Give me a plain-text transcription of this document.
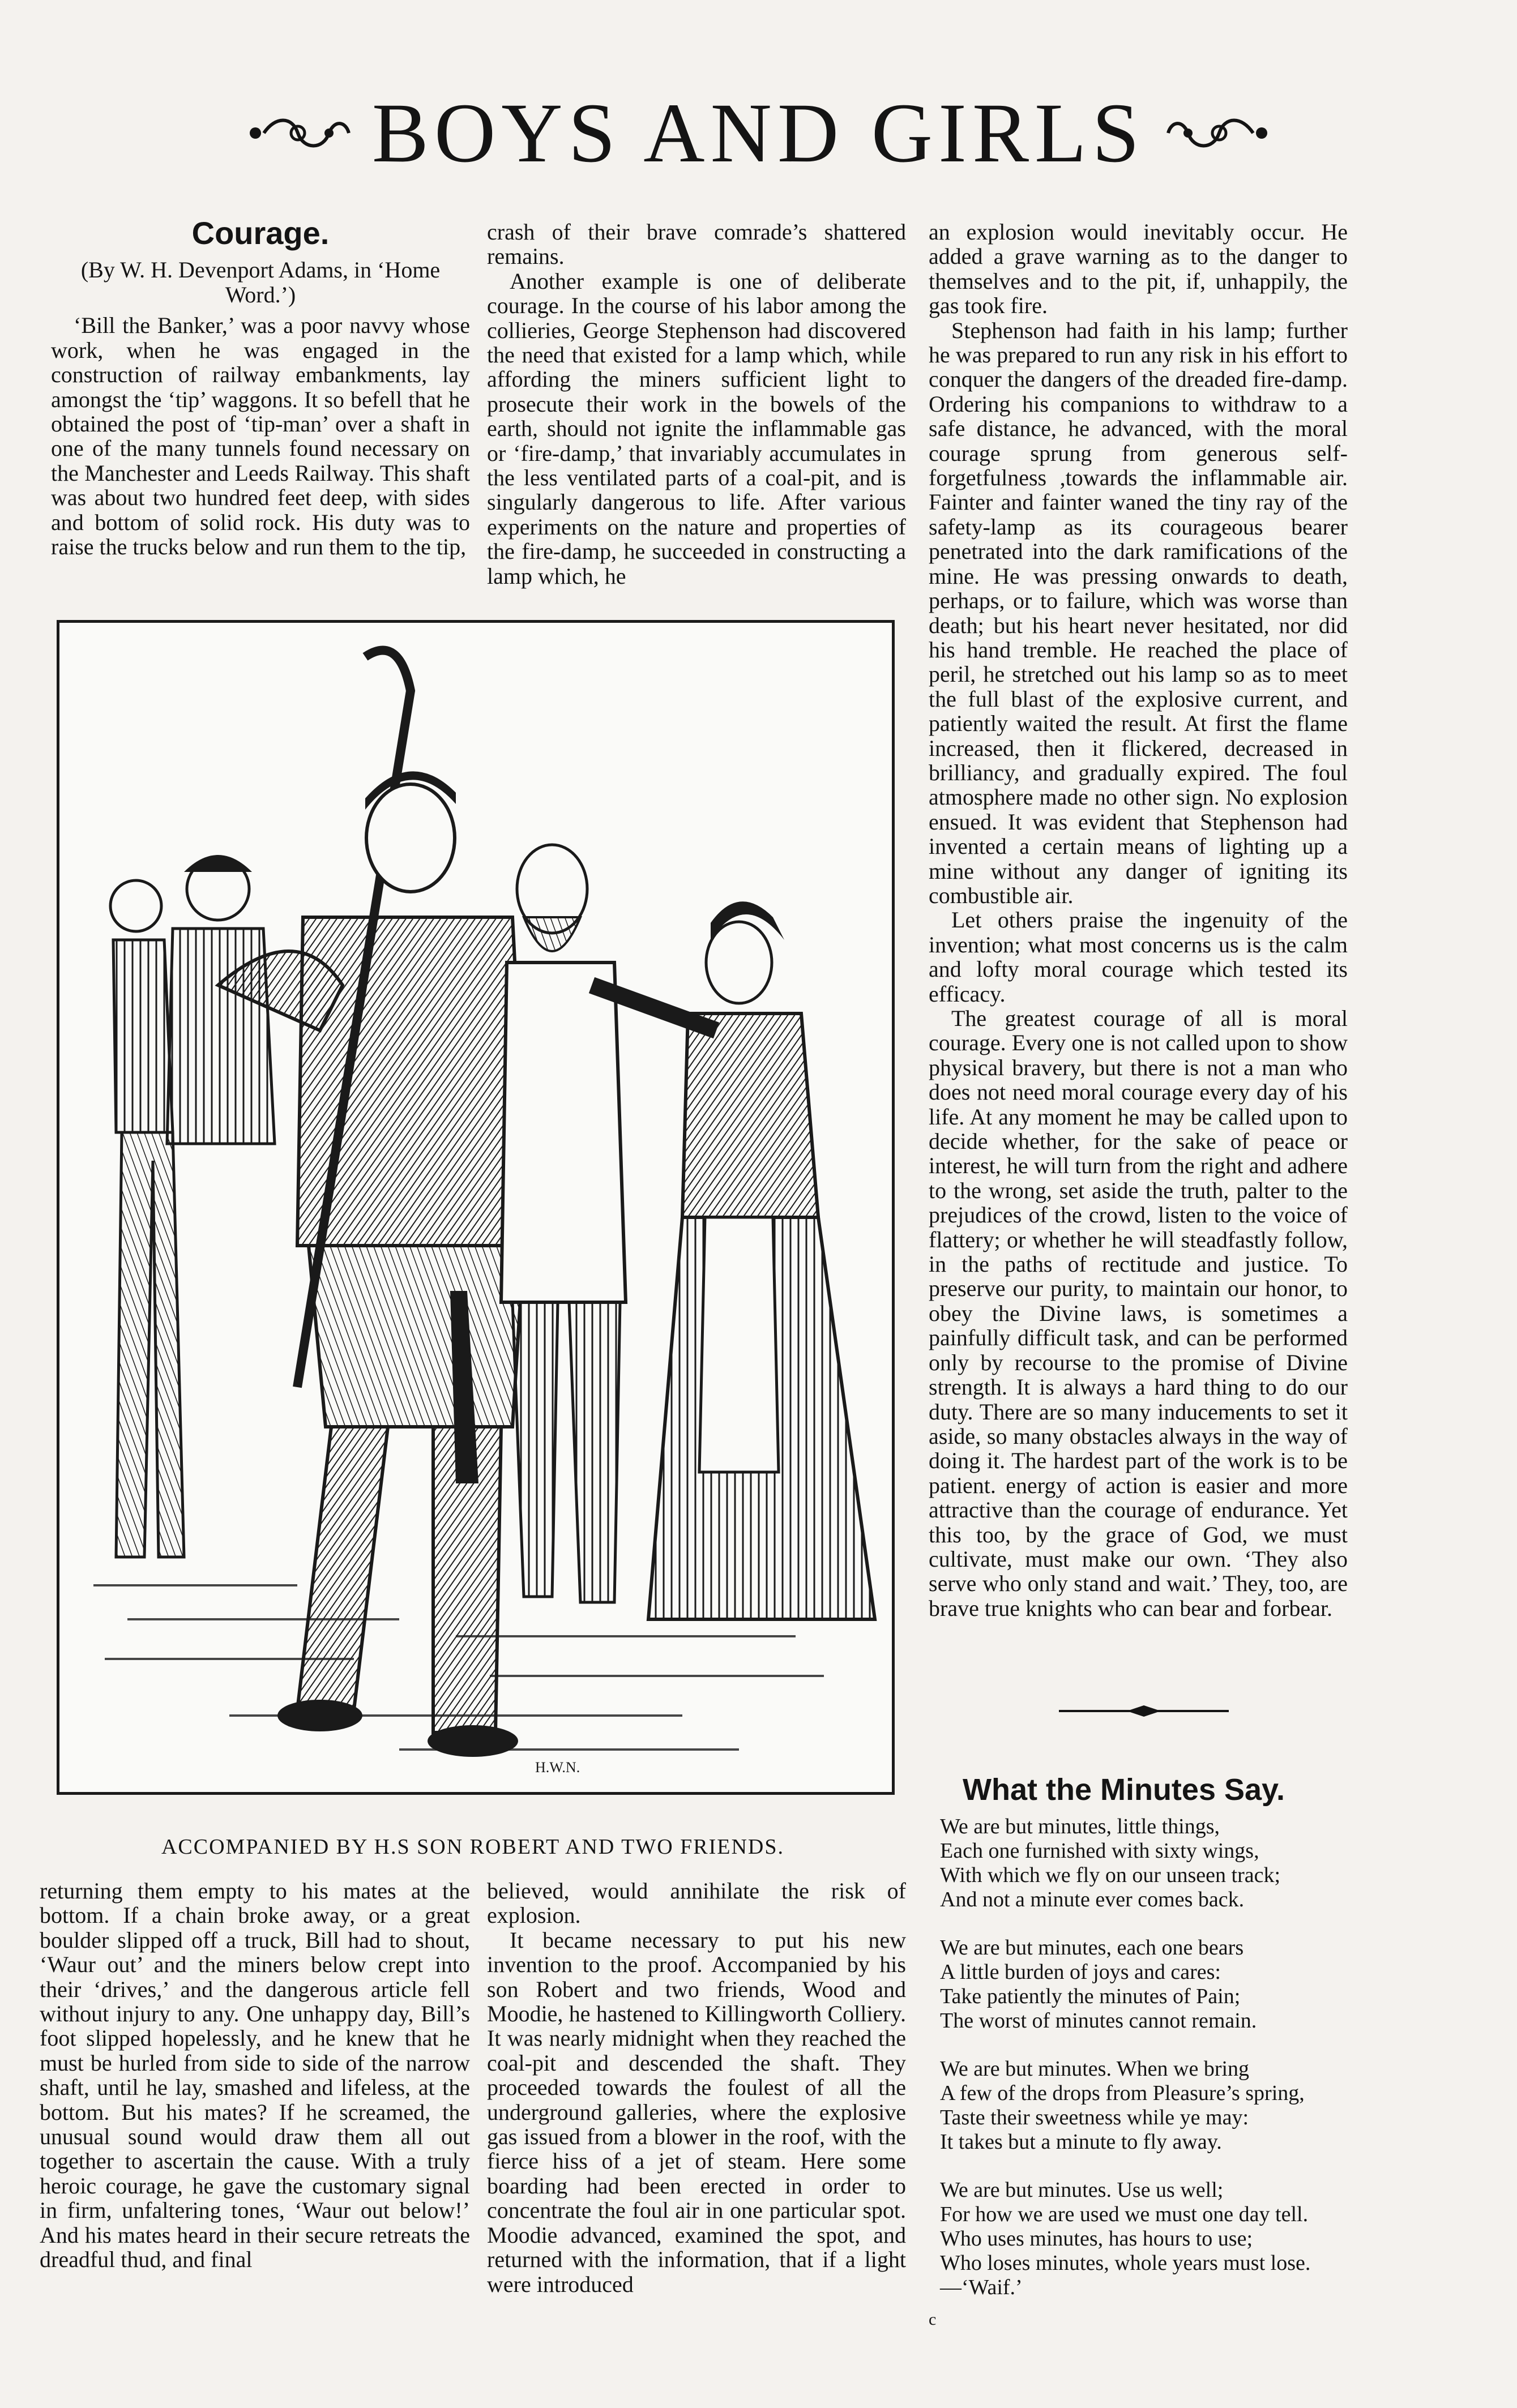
BOYS AND GIRLS
Courage.
(By W. H. Devenport Adams, in ‘Home Word.’)

‘Bill the Banker,’ was a poor navvy whose work, when he was engaged in the construction of railway embankments, lay amongst the ‘tip’ waggons. It so befell that he obtained the post of ‘tip-man’ over a shaft in one of the many tunnels found necessary on the Manchester and Leeds Railway. This shaft was about two hundred feet deep, with sides and bottom of solid rock. His duty was to raise the trucks below and run them to the tip,

crash of their brave comrade’s shattered remains.

Another example is one of deliberate courage. In the course of his labor among the collieries, George Stephenson had discovered the need that existed for a lamp which, while affording the miners sufficient light to prosecute their work in the bowels of the earth, should not ignite the inflammable gas or ‘fire-damp,’ that invariably accumulates in the less ventilated parts of a coal-pit, and is singularly dangerous to life. After various experiments on the nature and properties of the fire-damp, he succeeded in constructing a lamp which, he

an explosion would inevitably occur. He added a grave warning as to the danger to themselves and to the pit, if, unhappily, the gas took fire.

Stephenson had faith in his lamp; further he was prepared to run any risk in his effort to conquer the dangers of the dreaded fire-damp. Ordering his companions to withdraw to a safe distance, he advanced, with the moral courage sprung from generous self-forgetfulness ,towards the inflammable air. Fainter and fainter waned the tiny ray of the safety-lamp as its courageous bearer penetrated into the dark ramifications of the mine. He was pressing onwards to death, perhaps, or to failure, which was worse than death; but his heart never hesitated, nor did his hand tremble. He reached the place of peril, he stretched out his lamp so as to meet the full blast of the explosive current, and patiently waited the result. At first the flame increased, then it flickered, decreased in brilliancy, and gradually expired. The foul atmosphere made no other sign. No explosion ensued. It was evident that Stephenson had invented a certain means of lighting up a mine without any danger of igniting its combustible air.

Let others praise the ingenuity of the invention; what most concerns us is the calm and lofty moral courage which tested its efficacy.

The greatest courage of all is moral courage. Every one is not called upon to show physical bravery, but there is not a man who does not need moral courage every day of his life. At any moment he may be called upon to decide whether, for the sake of peace or interest, he will turn from the right and adhere to the wrong, set aside the truth, palter to the prejudices of the crowd, listen to the voice of flattery; or whether he will steadfastly follow, in the paths of rectitude and justice. To preserve our purity, to maintain our honor, to obey the Divine laws, is sometimes a painfully difficult task, and can be performed only by recourse to the promise of Divine strength. It is always a hard thing to do our duty. There are so many inducements to set it aside, so many obstacles always in the way of doing it. The hardest part of the work is to be patient. energy of action is easier and more attractive than the courage of endurance. Yet this too, by the grace of God, we must cultivate, must make our own. ‘They also serve who only stand and wait.’ They, too, are brave true knights who can bear and forbear.

H.W.N.
ACCOMPANIED BY H.S SON ROBERT AND TWO FRIENDS.

returning them empty to his mates at the bottom. If a chain broke away, or a great boulder slipped off a truck, Bill had to shout, ‘Waur out’ and the miners below crept into their ‘drives,’ and the dangerous article fell without injury to any. One unhappy day, Bill’s foot slipped hopelessly, and he knew that he must be hurled from side to side of the narrow shaft, until he lay, smashed and lifeless, at the bottom. But his mates? If he screamed, the unusual sound would draw them all out together to ascertain the cause. With a truly heroic courage, he gave the customary signal in firm, unfaltering tones, ‘Waur out below!’ And his mates heard in their secure retreats the dreadful thud, and final

believed, would annihilate the risk of explosion.

It became necessary to put his new invention to the proof. Accompanied by his son Robert and two friends, Wood and Moodie, he hastened to Killingworth Colliery. It was nearly midnight when they reached the coal-pit and descended the shaft. They proceeded towards the foulest of all the underground galleries, where the explosive gas issued from a blower in the roof, with the fierce hiss of a jet of steam. Here some boarding had been erected in order to concentrate the foul air in one particular spot. Moodie advanced, examined the spot, and returned with the information, that if a light were introduced

What the Minutes Say.
We are but minutes, little things,
Each one furnished with sixty wings,
With which we fly on our unseen track;
And not a minute ever comes back.
We are but minutes, each one bears
A little burden of joys and cares:
Take patiently the minutes of Pain;
The worst of minutes cannot remain.
We are but minutes. When we bring
A few of the drops from Pleasure’s spring,
Taste their sweetness while ye may:
It takes but a minute to fly away.
We are but minutes. Use us well;
For how we are used we must one day tell.
Who uses minutes, has hours to use;
Who loses minutes, whole years must lose.
—‘Waif.’
c
